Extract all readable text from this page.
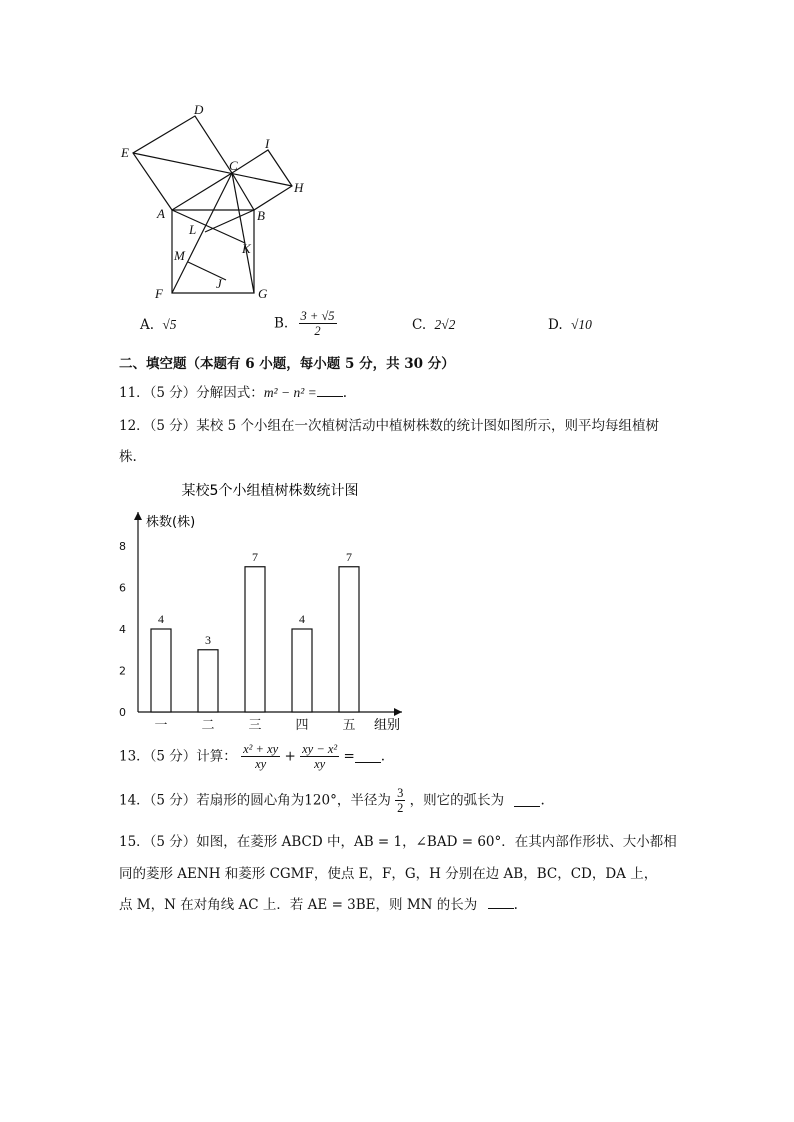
D
E
C
I
H
A	B
L
K
M
F
J
G
A. √5	B. $\frac{3 + √5}{2}$	C. 2√2	D. √10
二、填空题（本题有 6 小题，每小题 5 分，共 30 分）
11．（5 分）分解因式：m² − n² = .
12．（5 分）某校 5 个小组在一次植树活动中植树株数的统计图如图所示，则平均每组植树
株.
某校5个小组植树株数统计图
株数(株)
组别
0
2
4
6
8
4
3
7
4
7
一	二	三	四	五
13．（5 分）计算： $\frac{\text{x² + xy}}{xy} + \frac{\text{xy − x²}}{xy}$ = .
14．（5 分）若扇形的圆心角为120°，半径为 $\frac{3}{2}$ ，则它的弧长为	.
15．（5 分）如图，在菱形 ABCD 中，AB = 1，∠BAD = 60°．在其内部作形状、大小都相
同的菱形 AENH 和菱形 CGMF，使点 E，F，G，H 分别在边 AB，BC，CD，DA 上，
点 M，N 在对角线 AC 上．若 AE = 3BE，则 MN 的长为	.
